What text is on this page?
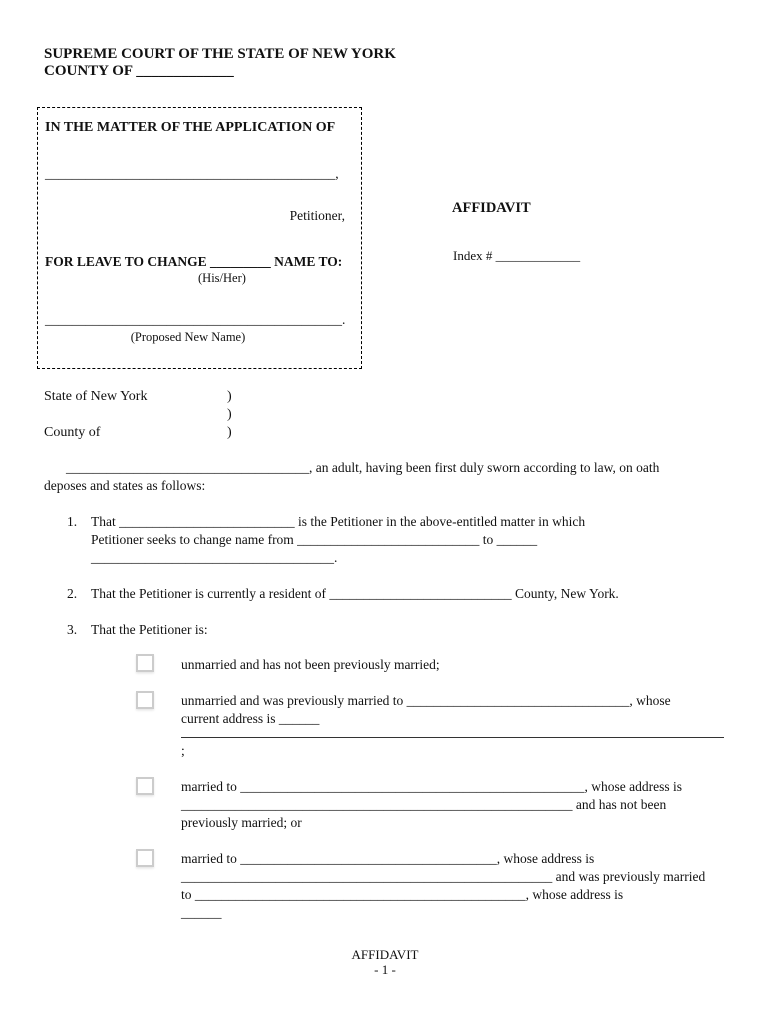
SUPREME COURT OF THE STATE OF NEW YORK
COUNTY OF _____________
IN THE MATTER OF THE APPLICATION OF
___________________________________________,
Petitioner,
FOR LEAVE TO CHANGE _________ NAME TO:
(His/Her)
____________________________________________.
(Proposed New Name)
AFFIDAVIT
Index # _____________
State of New York	)
)
County of	)
____________________________________, an adult, having been first duly sworn according to law, on oath
deposes and states as follows:
1.	That __________________________ is the Petitioner in the above-entitled matter in which
Petitioner seeks to change name from ___________________________ to ______
____________________________________.
2.	That the Petitioner is currently a resident of ___________________________ County, New York.
3.	That the Petitioner is:
unmarried and has not been previously married;
unmarried and was previously married to _________________________________, whose
current address is ______
;
married to ___________________________________________________, whose address is
__________________________________________________________ and has not been
previously married; or
married to ______________________________________, whose address is
_______________________________________________________ and was previously married
to _________________________________________________, whose address is
______
AFFIDAVIT
- 1 -
